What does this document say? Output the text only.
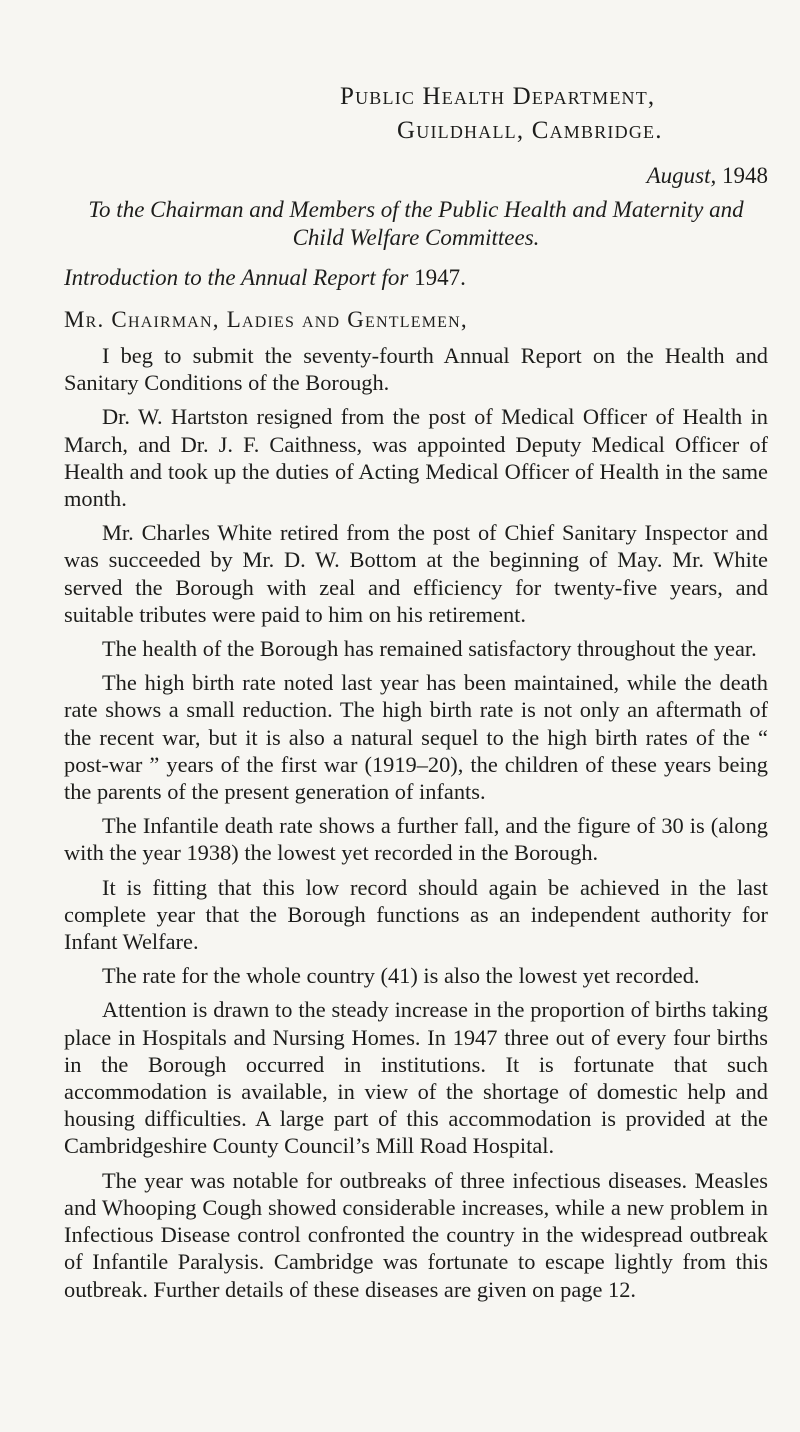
Public Health Department,
Guildhall, Cambridge.
August, 1948
To the Chairman and Members of the Public Health and Maternity and Child Welfare Committees.
Introduction to the Annual Report for 1947.
Mr. Chairman, Ladies and Gentlemen,

I beg to submit the seventy-fourth Annual Report on the Health and Sanitary Conditions of the Borough.

Dr. W. Hartston resigned from the post of Medical Officer of Health in March, and Dr. J. F. Caithness, was appointed Deputy Medical Officer of Health and took up the duties of Acting Medical Officer of Health in the same month.

Mr. Charles White retired from the post of Chief Sanitary Inspector and was succeeded by Mr. D. W. Bottom at the beginning of May. Mr. White served the Borough with zeal and efficiency for twenty-five years, and suitable tributes were paid to him on his retirement.

The health of the Borough has remained satisfactory throughout the year.

The high birth rate noted last year has been maintained, while the death rate shows a small reduction. The high birth rate is not only an aftermath of the recent war, but it is also a natural sequel to the high birth rates of the “ post-war ” years of the first war (1919–20), the children of these years being the parents of the present generation of infants.

The Infantile death rate shows a further fall, and the figure of 30 is (along with the year 1938) the lowest yet recorded in the Borough.

It is fitting that this low record should again be achieved in the last complete year that the Borough functions as an independent authority for Infant Welfare.

The rate for the whole country (41) is also the lowest yet recorded.

Attention is drawn to the steady increase in the proportion of births taking place in Hospitals and Nursing Homes. In 1947 three out of every four births in the Borough occurred in institutions. It is fortunate that such accommodation is available, in view of the shortage of domestic help and housing difficulties. A large part of this accommodation is provided at the Cambridgeshire County Council’s Mill Road Hospital.

The year was notable for outbreaks of three infectious diseases. Measles and Whooping Cough showed considerable increases, while a new problem in Infectious Disease control confronted the country in the widespread outbreak of Infantile Paralysis. Cambridge was fortunate to escape lightly from this outbreak. Further details of these diseases are given on page 12.
